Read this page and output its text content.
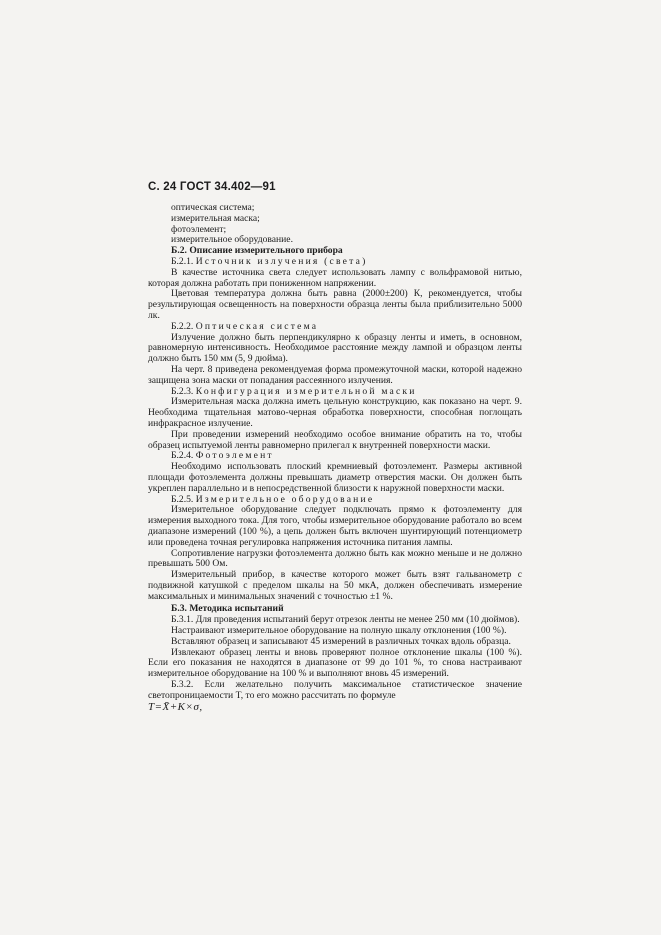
С. 24 ГОСТ 34.402—91

оптическая система;

измерительная маска;

фотоэлемент;

измерительное оборудование.

Б.2. Описание измерительного прибора

Б.2.1. Источник излучения (света)

В качестве источника света следует использовать лампу с вольфрамовой нитью, которая должна работать при пониженном напряжении.

Цветовая температура должна быть равна (2000±200) К, рекомендуется, чтобы результирующая освещенность на поверхности образца ленты была приблизительно 5000 лк.

Б.2.2. Оптическая система

Излучение должно быть перпендикулярно к образцу ленты и иметь, в основном, равномерную интенсивность. Необходимое расстояние между лампой и образцом ленты должно быть 150 мм (5, 9 дюйма).

На черт. 8 приведена рекомендуемая форма промежуточной маски, которой надежно защищена зона маски от попадания рассеянного излучения.

Б.2.3. Конфигурация измерительной маски

Измерительная маска должна иметь цельную конструкцию, как показано на черт. 9. Необходима тщательная матово-черная обработка поверхности, способная поглощать инфракрасное излучение.

При проведении измерений необходимо особое внимание обратить на то, чтобы образец испытуемой ленты равномерно прилегал к внутренней поверхности маски.

Б.2.4. Фотоэлемент

Необходимо использовать плоский кремниевый фотоэлемент. Размеры активной площади фотоэлемента должны превышать диаметр отверстия маски. Он должен быть укреплен параллельно и в непосредственной близости к наружной поверхности маски.

Б.2.5. Измерительное оборудование

Измерительное оборудование следует подключать прямо к фотоэлементу для измерения выходного тока. Для того, чтобы измерительное оборудование работало во всем диапазоне измерений (100 %), а цепь должен быть включен шунтирующий потенциометр или проведена точная регулировка напряжения источника питания лампы.

Сопротивление нагрузки фотоэлемента должно быть как можно меньше и не должно превышать 500 Ом.

Измерительный прибор, в качестве которого может быть взят гальванометр с подвижной катушкой с пределом шкалы на 50 мкА, должен обеспечивать измерение максимальных и минимальных значений с точностью ±1 %.

Б.3. Методика испытаний

Б.3.1. Для проведения испытаний берут отрезок ленты не менее 250 мм (10 дюймов).

Настраивают измерительное оборудование на полную шкалу отклонения (100 %).

Вставляют образец и записывают 45 измерений в различных точках вдоль образца.

Извлекают образец ленты и вновь проверяют полное отклонение шкалы (100 %). Если его показания не находятся в диапазоне от 99 до 101 %, то снова настраивают измерительное оборудование на 100 % и выполняют вновь 45 измерений.

Б.3.2. Если желательно получить максимальное статистическое значение светопроницаемости T, то его можно рассчитать по формуле

T=X̄+K×σ,
